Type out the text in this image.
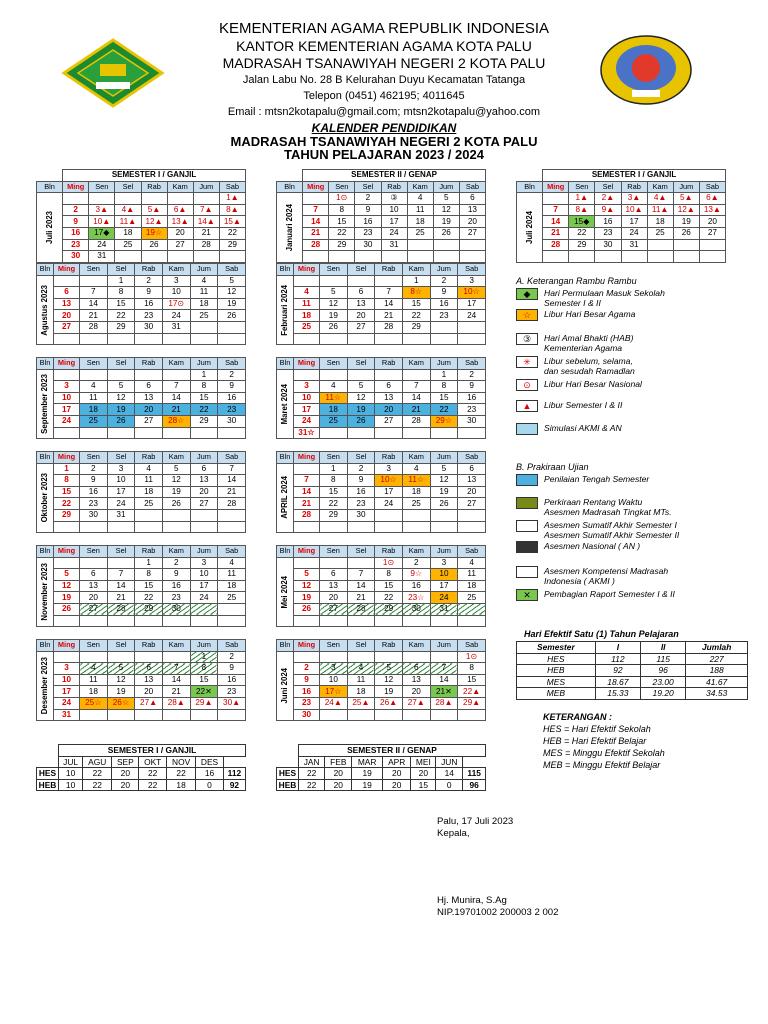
KEMENTERIAN AGAMA REPUBLIK INDONESIA
KANTOR KEMENTERIAN AGAMA KOTA PALU
MADRASAH TSANAWIYAH NEGERI 2 KOTA PALU
Jalan Labu No. 28 B Kelurahan Duyu Kecamatan Tatanga
Telepon (0451) 462195; 4011645
Email : mtsn2kotapalu@gmail.com; mtsn2kotapalu@yahoo.com
KALENDER PENDIDIKAN
MADRASAH TSANAWIYAH NEGERI 2 KOTA PALU
TAHUN PELAJARAN 2023 / 2024
	SEMESTER I / GANJIL						
Bln	Ming	Sen	Sel	Rab	Kam	Jum	Sab

Juli 2023							1▲
	2	3▲	4▲	5▲	6▲	7▲	8▲
	9	10▲	11▲	12▲	13▲	14▲	15▲
	16	17◆	18	19☆	20	21	22
	23	24	25	26	27	28	29
	30	31					
	SEMESTER II / GENAP						
Bln	Ming	Sen	Sel	Rab	Kam	Jum	Sab

Januari 2024		1⊙	2	③	4	5	6
	7	8	9	10	11	12	13
	14	15	16	17	18	19	20
	21	22	23	24	25	26	27
	28	29	30	31			

	SEMESTER I / GANJIL						
Bln	Ming	Sen	Sel	Rab	Kam	Jum	Sab

Juli 2024		1▲	2▲	3▲	4▲	5▲	6▲
	7	8▲	9▲	10▲	11▲	12▲	13▲
	14	15◆	16	17	18	19	20
	21	22	23	24	25	26	27
	28	29	30	31			

Bln	Ming	Sen	Sel	Rab	Kam	Jum	Sab

Agustus 2023			1	2	3	4	5
	6	7	8	9	10	11	12
	13	14	15	16	17⊙	18	19
	20	21	22	23	24	25	26
	27	28	29	30	31		

Bln	Ming	Sen	Sel	Rab	Kam	Jum	Sab

Februari 2024					1	2	3
	4	5	6	7	8☆	9	10☆
	11	12	13	14	15	16	17
	18	19	20	21	22	23	24
	25	26	27	28	29		

Bln	Ming	Sen	Sel	Rab	Kam	Jum	Sab

September 2023						1	2
	3	4	5	6	7	8	9
	10	11	12	13	14	15	16
	17	18	19	20	21	22	23
	24	25	26	27	28☆	29	30

Bln	Ming	Sen	Sel	Rab	Kam	Jum	Sab

Maret 2024						1	2
	3	4	5	6	7	8	9
	10	11☆	12	13	14	15	16
	17	18	19	20	21	22	23
	24	25	26	27	28	29☆	30
	31☆						
Bln	Ming	Sen	Sel	Rab	Kam	Jum	Sab

Oktober 2023	1	2	3	4	5	6	7
	8	9	10	11	12	13	14
	15	16	17	18	19	20	21
	22	23	24	25	26	27	28
	29	30	31				

Bln	Ming	Sen	Sel	Rab	Kam	Jum	Sab

APRIL 2024		1	2	3	4	5	6
	7	8	9	10☆	11☆	12	13
	14	15	16	17	18	19	20
	21	22	23	24	25	26	27
	28	29	30				

Bln	Ming	Sen	Sel	Rab	Kam	Jum	Sab

November 2023				1	2	3	4
	5	6	7	8	9	10	11
	12	13	14	15	16	17	18
	19	20	21	22	23	24	25
	26	27	28	29	30		

Bln	Ming	Sen	Sel	Rab	Kam	Jum	Sab

Mei 2024				1⊙	2	3	4
	5	6	7	8	9☆	10	11
	12	13	14	15	16	17	18
	19	20	21	22	23☆	24	25
	26	27	28	29	30	31	

Bln	Ming	Sen	Sel	Rab	Kam	Jum	Sab

Desember 2023						1	2
	3	4	5	6	7	8	9
	10	11	12	13	14	15	16
	17	18	19	20	21	22✕	23
	24	25☆	26☆	27▲	28▲	29▲	30▲
	31						
Bln	Ming	Sen	Sel	Rab	Kam	Jum	Sab

Juni 2024							1⊙
	2	3	4	5	6	7	8
	9	10	11	12	13	14	15
	16	17☆	18	19	20	21✕	22▲
	23	24▲	25▲	26▲	27▲	28▲	29▲
	30						
A. Keterangan Rambu Rambu
◆	Hari Permulaan Masuk Sekolah
Semester I & II
☆	Libur Hari Besar Agama
③	Hari Amal Bhakti (HAB)
Kementerian Agama
✳	Libur sebelum, selama,
dan sesudah Ramadlan
⊙	Libur Hari Besar Nasional
▲	Libur Semester I & II
Simulasi AKMI & AN
B. Prakiraan Ujian
Penilaian Tengah Semester
Perkiraan Rentang Waktu
Asesmen Madrasah Tingkat MTs.
Asesmen Sumatif Akhir Semester I
Asesmen Sumatif Akhir Semester II
Asesmen Nasional ( AN )
Asesmen Kompetensi Madrasah
Indonesia ( AKMI )
✕	Pembagian Raport Semester I & II
Hari Efektif Satu (1) Tahun Pelajaran
Semester	I	II	Jumlah
HES	112	115	227
HEB	92	96	188
MES	18.67	23.00	41.67
MEB	15.33	19.20	34.53
KETERANGAN :
HES = Hari Efektif Sekolah
HEB = Hari Efektif Belajar
MES = Minggu Efektif Sekolah
MEB = Minggu Efektif Belajar
	SEMESTER I / GANJIL						
	JUL	AGU	SEP	OKT	NOV	DES	
HES	10	22	20	22	22	16	112
HEB	10	22	20	22	18	0	92
	SEMESTER II / GENAP						
	JAN	FEB	MAR	APR	MEI	JUN	
HES	22	20	19	20	20	14	115
HEB	22	20	19	20	15	0	96
Palu, 17 Juli 2023
Kepala,
Hj. Munira, S.Ag
NIP.19701002 200003 2 002
